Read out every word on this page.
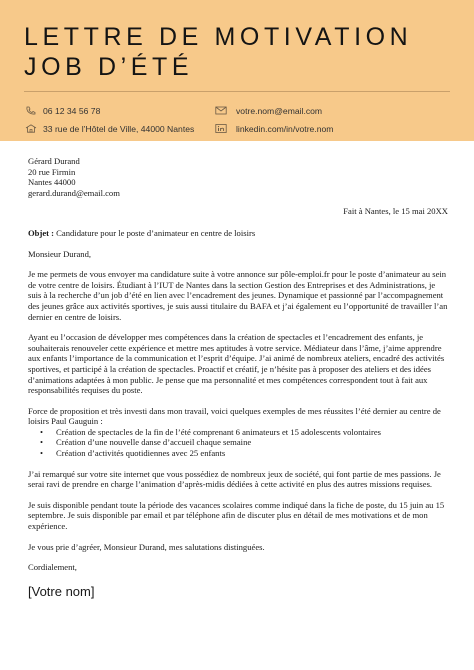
LETTRE DE MOTIVATION
JOB D’ÉTÉ
06 12 34 56 78
33 rue de l’Hôtel de Ville, 44000 Nantes
votre.nom@email.com
linkedin.com/in/votre.nom
Gérard Durand
20 rue Firmin
Nantes 44000
gerard.durand@email.com
Fait à Nantes, le 15 mai 20XX
Objet : Candidature pour le poste d’animateur en centre de loisirs
Monsieur Durand,

Je me permets de vous envoyer ma candidature suite à votre annonce sur pôle-emploi.fr pour le poste d’animateur au sein de votre centre de loisirs. Étudiant à l’IUT de Nantes dans la section Gestion des Entreprises et des Administrations, je suis à la recherche d’un job d’été en lien avec l’encadrement des jeunes. Dynamique et passionné par l’accompagnement des jeunes grâce aux activités sportives, je suis aussi titulaire du BAFA et j’ai également eu l’opportunité de travailler l’an dernier en centre de loisirs.

Ayant eu l’occasion de développer mes compétences dans la création de spectacles et l’encadrement des enfants, je souhaiterais renouveler cette expérience et mettre mes aptitudes à votre service. Médiateur dans l’âme, j’aime apprendre aux enfants l’importance de la communication et l’esprit d’équipe. J’ai animé de nombreux ateliers, encadré des activités sportives, et participé à la création de spectacles. Proactif et créatif, je n’hésite pas à proposer des ateliers et des idées d’animations adaptées à mon public. Je pense que ma personnalité et mes compétences correspondent tout à fait aux responsabilités requises du poste.

Force de proposition et très investi dans mon travail, voici quelques exemples de mes réussites l’été dernier au centre de loisirs Paul Gauguin :

• Création de spectacles de la fin de l’été comprenant 6 animateurs et 15 adolescents volontaires
• Création d’une nouvelle danse d’accueil chaque semaine
• Création d’activités quotidiennes avec 25 enfants

J’ai remarqué sur votre site internet que vous possédiez de nombreux jeux de société, qui font partie de mes passions. Je serai ravi de prendre en charge l’animation d’après-midis dédiées à cette activité en plus des autres missions requises.

Je suis disponible pendant toute la période des vacances scolaires comme indiqué dans la fiche de poste, du 15 juin au 15 septembre. Je suis disponible par email et par téléphone afin de discuter plus en détail de mes motivations et de mon expérience.

Je vous prie d’agréer, Monsieur Durand, mes salutations distinguées.

Cordialement,

[Votre nom]
